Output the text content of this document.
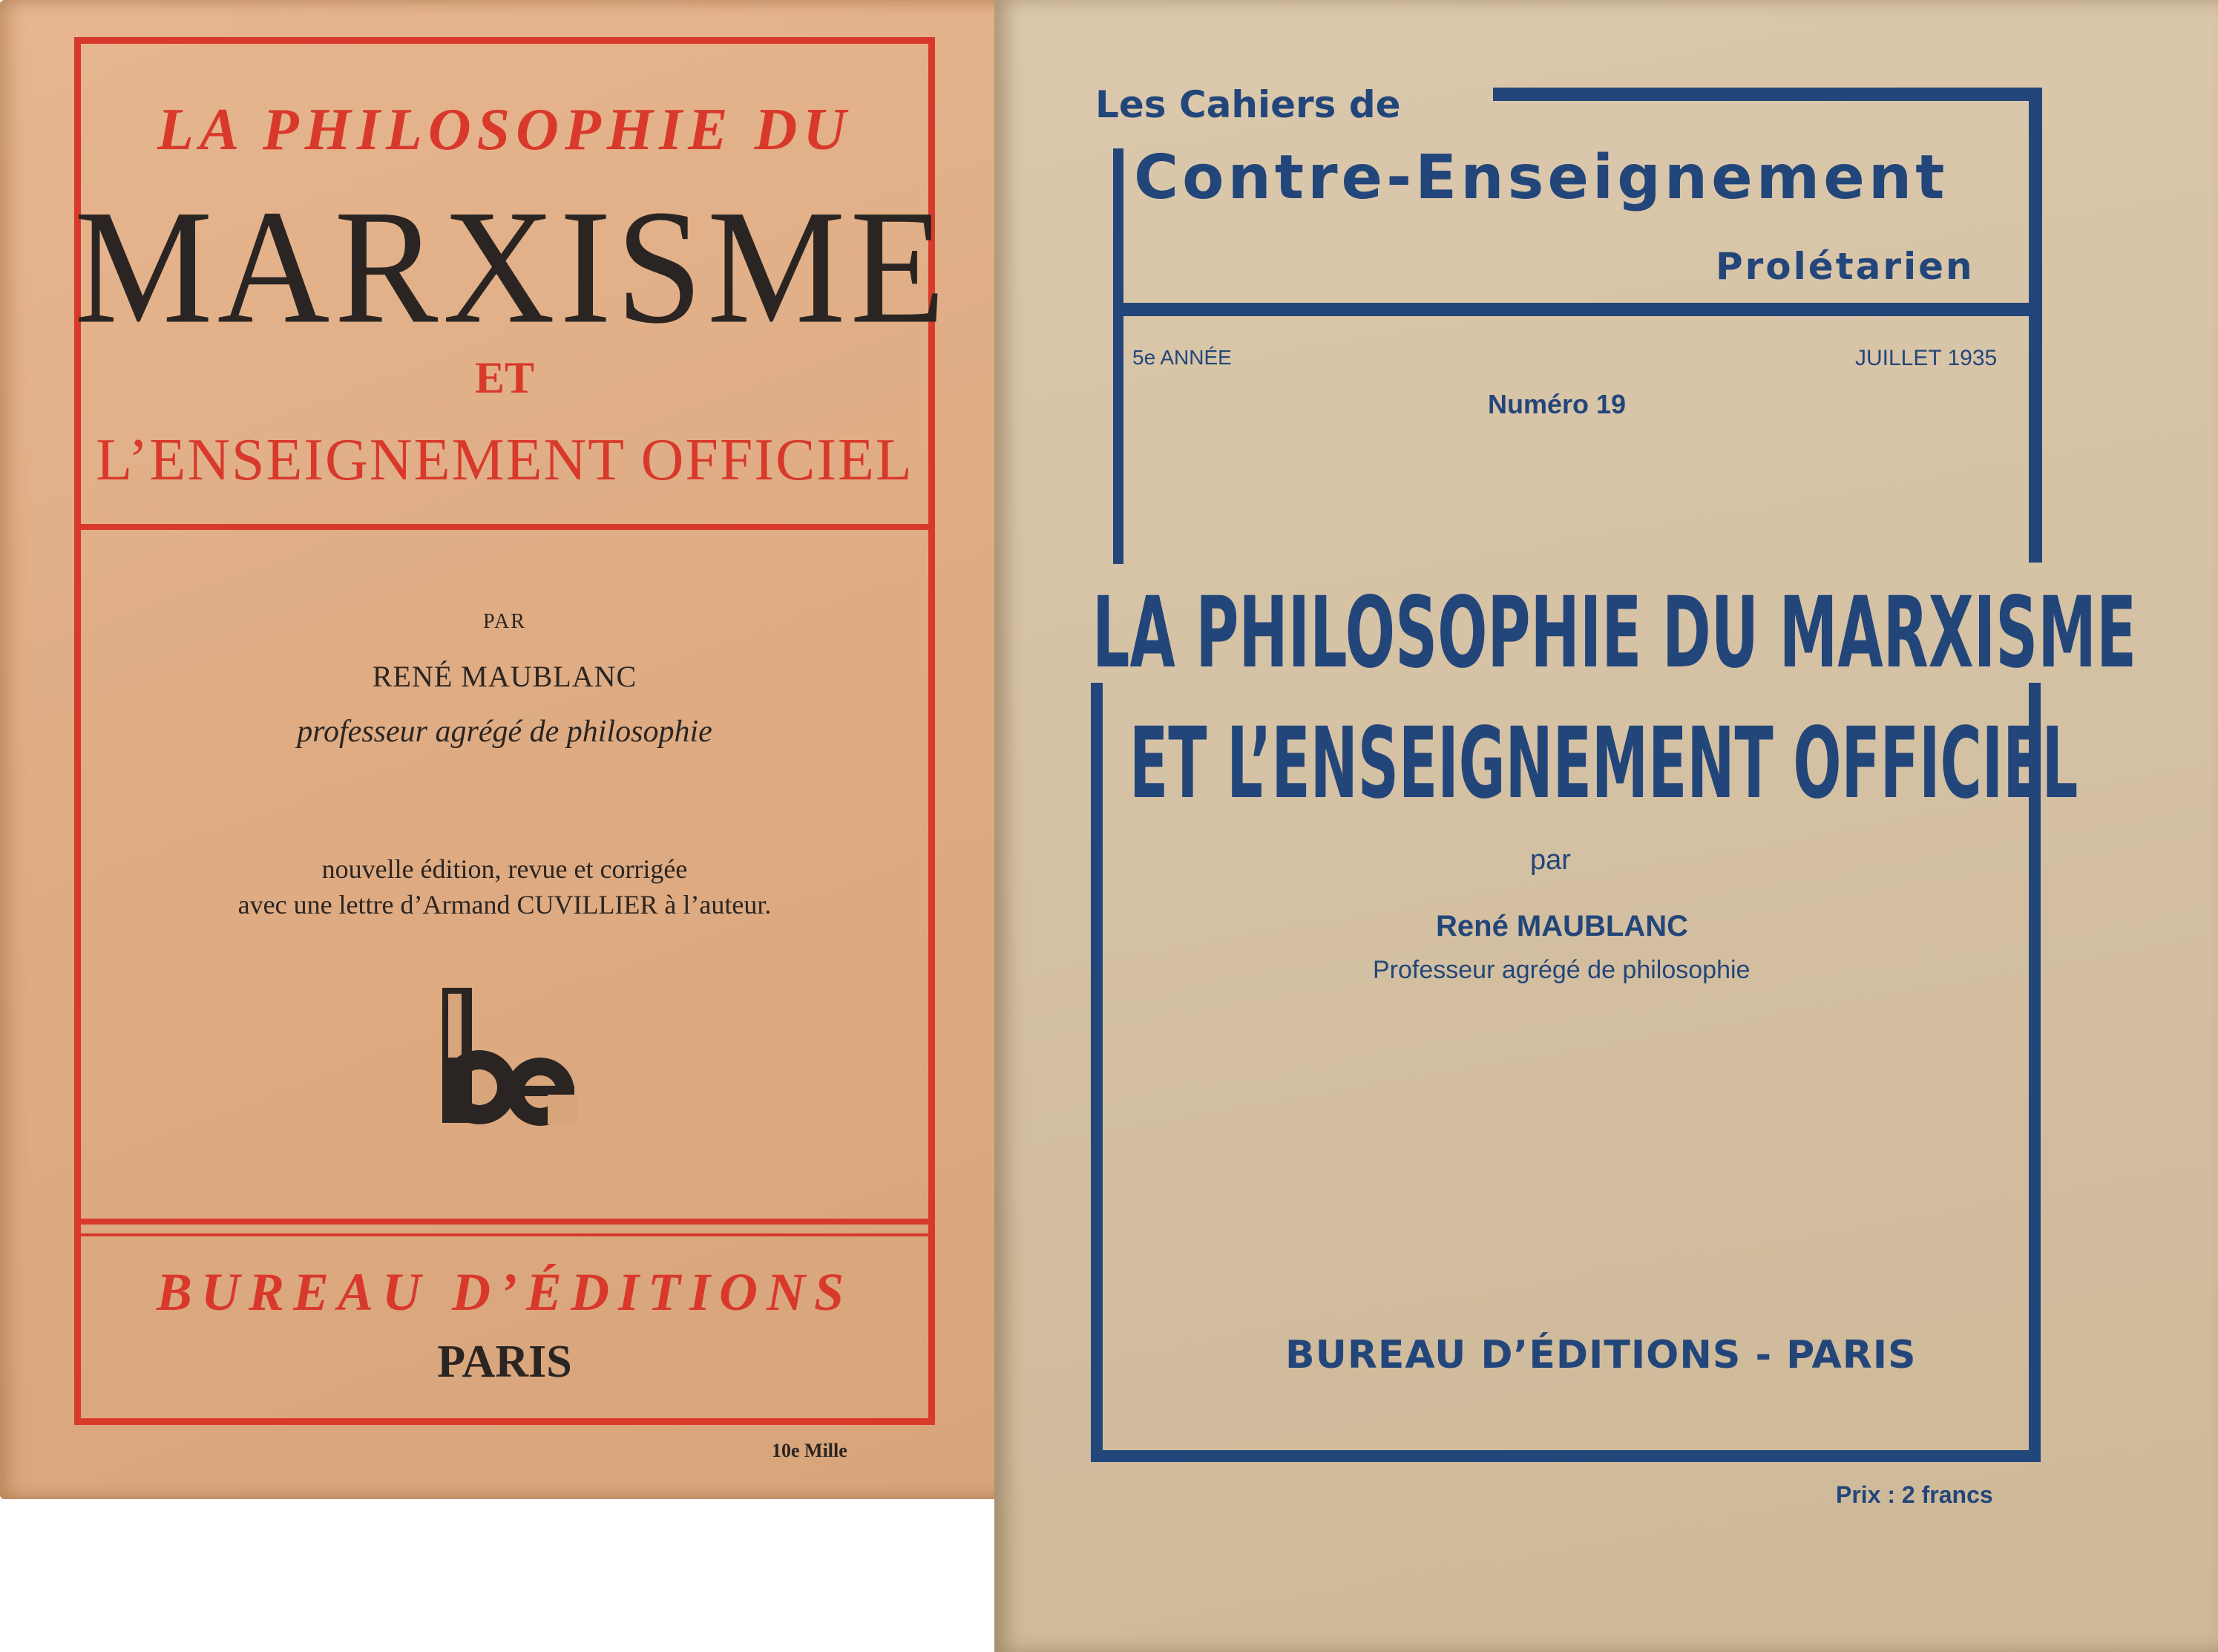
LA PHILOSOPHIE DU
MARXISME
ET
L’ENSEIGNEMENT OFFICIEL
PAR
RENÉ MAUBLANC
professeur agrégé de philosophie
nouvelle édition, revue et corrigée
avec une lettre d’Armand CUVILLIER à l’auteur.
BUREAU D’ÉDITIONS
PARIS
10e Mille
Les Cahiers de
Contre-Enseignement
Prolétarien
5e ANNÉE	JUILLET 1935
Numéro 19
LA PHILOSOPHIE DU MARXISME
ET L’ENSEIGNEMENT OFFICIEL
par
René MAUBLANC
Professeur agrégé de philosophie
BUREAU D’ÉDITIONS - PARIS
Prix : 2 francs
